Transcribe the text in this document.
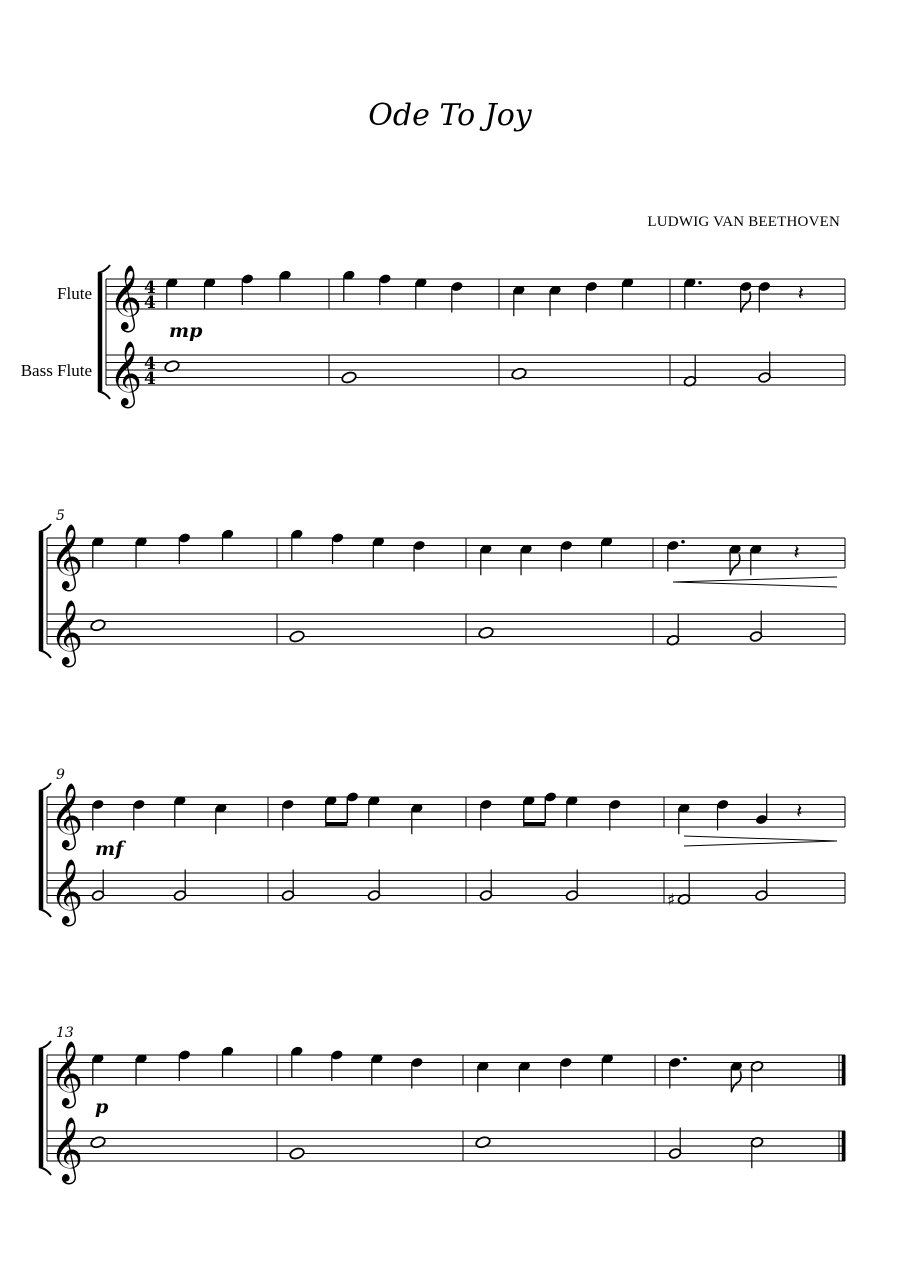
Ode To Joy
LUDWIG VAN BEETHOVEN
Flute
Bass Flute
𝄽
mp
𝄞 4
4
𝄞 4
4
5
𝄽
𝄞
𝄞
9
𝄽
♯
mf
𝄞
𝄞
13
p
𝄞
𝄞
